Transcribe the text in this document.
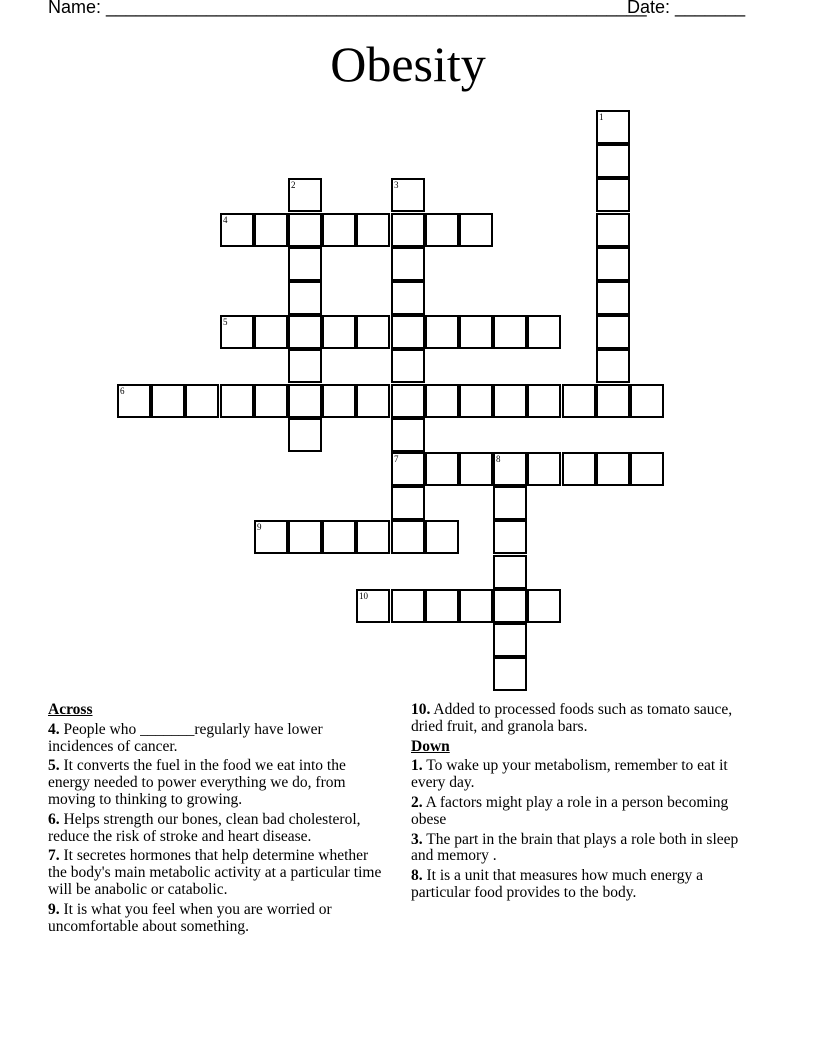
Name: ______________________________________________________
Date: _______
Obesity
1
2	3
7
4
5
6
8
9
10
Across
4. People who _______regularly have lower incidences of cancer.
5. It converts the fuel in the food we eat into the energy needed to power everything we do, from moving to thinking to growing.
6. Helps strength our bones, clean bad cholesterol, reduce the risk of stroke and heart disease.
7. It secretes hormones that help determine whether the body's main metabolic activity at a particular time will be anabolic or catabolic.
9. It is what you feel when you are worried or uncomfortable about something.
10. Added to processed foods such as tomato sauce, dried fruit, and granola bars.
Down
1. To wake up your metabolism, remember to eat it every day.
2. A factors might play a role in a person becoming obese
3. The part in the brain that plays a role both in sleep and memory .
8. It is a unit that measures how much energy a particular food provides to the body.
